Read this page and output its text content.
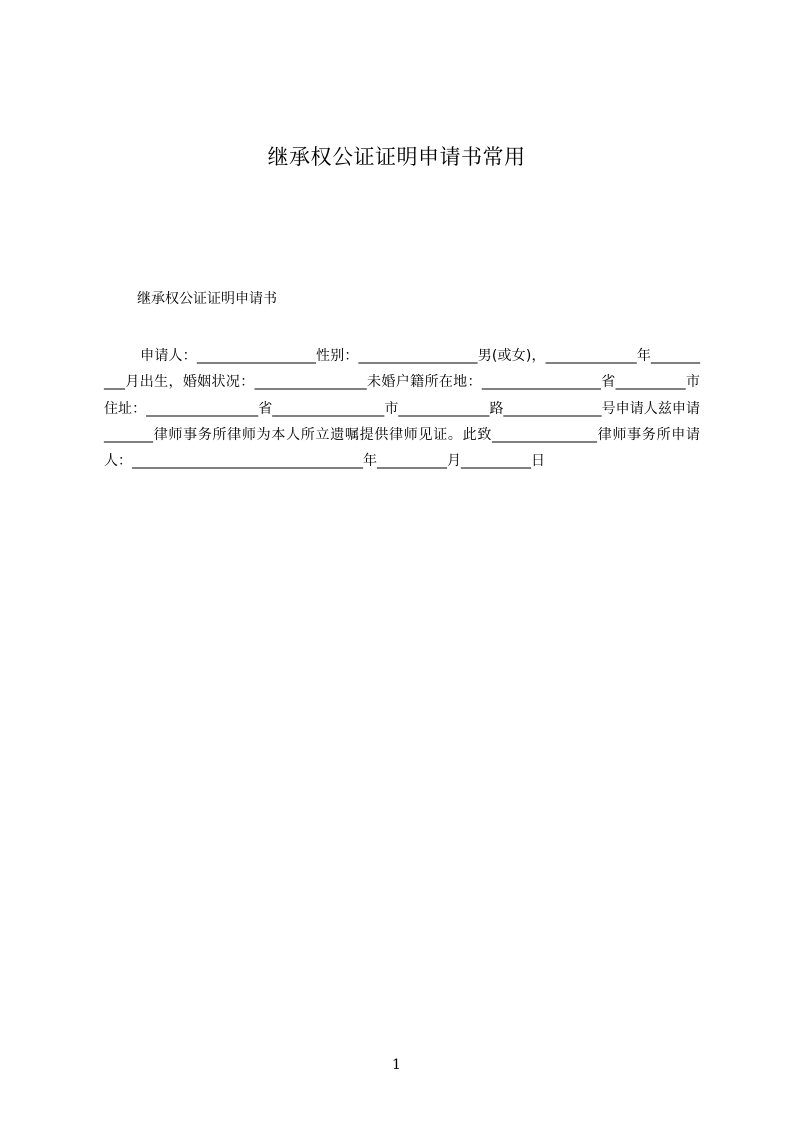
继承权公证证明申请书常用
继承权公证证明申请书
申请人：_________________性别：_________________男(或女)，_____________年__________月出生，婚姻状况：________________未婚户籍所在地：_________________省__________市住址：________________省________________市_____________路______________号申请人兹申请_______律师事务所律师为本人所立遗嘱提供律师见证。此致_______________律师事务所申请人：_________________________________年__________月__________日
1
